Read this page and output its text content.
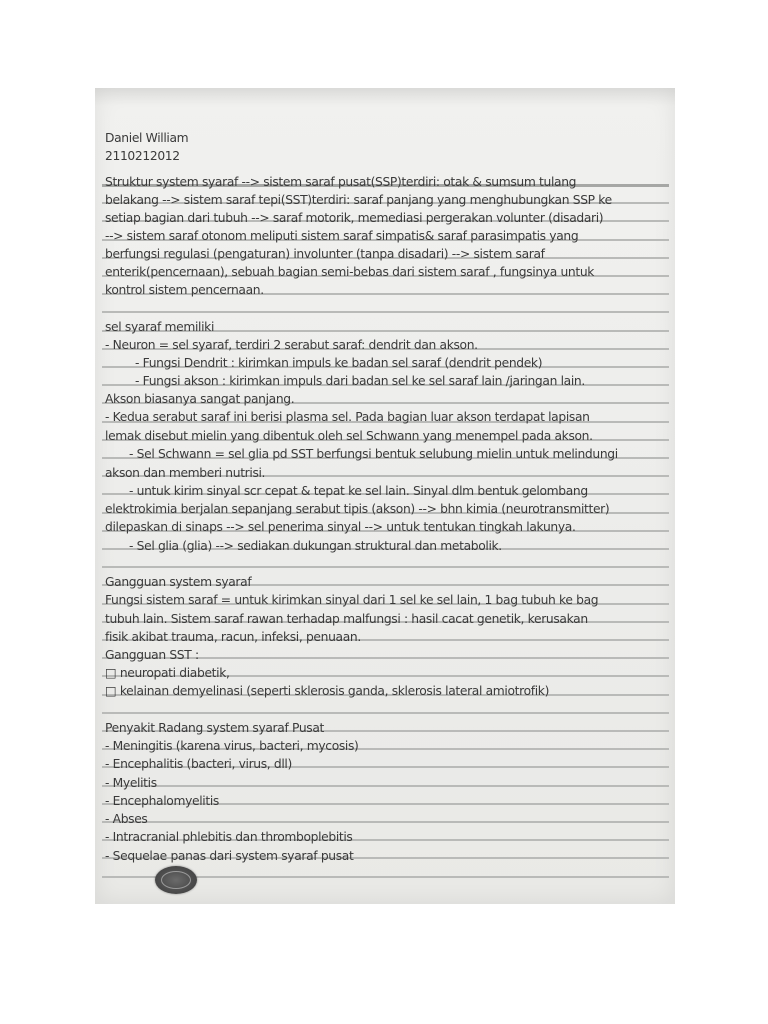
Daniel William
2110212012
Struktur system syaraf --> sistem saraf pusat(SSP)terdiri: otak & sumsum tulang
belakang --> sistem saraf tepi(SST)terdiri: saraf panjang yang menghubungkan SSP ke
setiap bagian dari tubuh --> saraf motorik, memediasi pergerakan volunter (disadari)
--> sistem saraf otonom meliputi sistem saraf simpatis& saraf parasimpatis yang
berfungsi regulasi (pengaturan) involunter (tanpa disadari) --> sistem saraf
enterik(pencernaan), sebuah bagian semi-bebas dari sistem saraf , fungsinya untuk
kontrol sistem pencernaan.
sel syaraf memiliki
- Neuron = sel syaraf, terdiri 2 serabut saraf: dendrit dan akson.
- Fungsi Dendrit : kirimkan impuls ke badan sel saraf (dendrit pendek)
- Fungsi akson : kirimkan impuls dari badan sel ke sel saraf lain /jaringan lain.
Akson biasanya sangat panjang.
- Kedua serabut saraf ini berisi plasma sel. Pada bagian luar akson terdapat lapisan
lemak disebut mielin yang dibentuk oleh sel Schwann yang menempel pada akson.
- Sel Schwann = sel glia pd SST berfungsi bentuk selubung mielin untuk melindungi
akson dan memberi nutrisi.
- untuk kirim sinyal scr cepat & tepat ke sel lain. Sinyal dlm bentuk gelombang
elektrokimia berjalan sepanjang serabut tipis (akson) --> bhn kimia (neurotransmitter)
dilepaskan di sinaps --> sel penerima sinyal --> untuk tentukan tingkah lakunya.
- Sel glia (glia) --> sediakan dukungan struktural dan metabolik.
Gangguan system syaraf
Fungsi sistem saraf = untuk kirimkan sinyal dari 1 sel ke sel lain, 1 bag tubuh ke bag
tubuh lain. Sistem saraf rawan terhadap malfungsi : hasil cacat genetik, kerusakan
fisik akibat trauma, racun, infeksi, penuaan.
Gangguan SST :
□ neuropati diabetik,
□ kelainan demyelinasi (seperti sklerosis ganda, sklerosis lateral amiotrofik)
Penyakit Radang system syaraf Pusat
- Meningitis (karena virus, bacteri, mycosis)
- Encephalitis (bacteri, virus, dll)
- Myelitis
- Encephalomyelitis
- Abses
- Intracranial phlebitis dan thromboplebitis
- Sequelae panas dari system syaraf pusat
